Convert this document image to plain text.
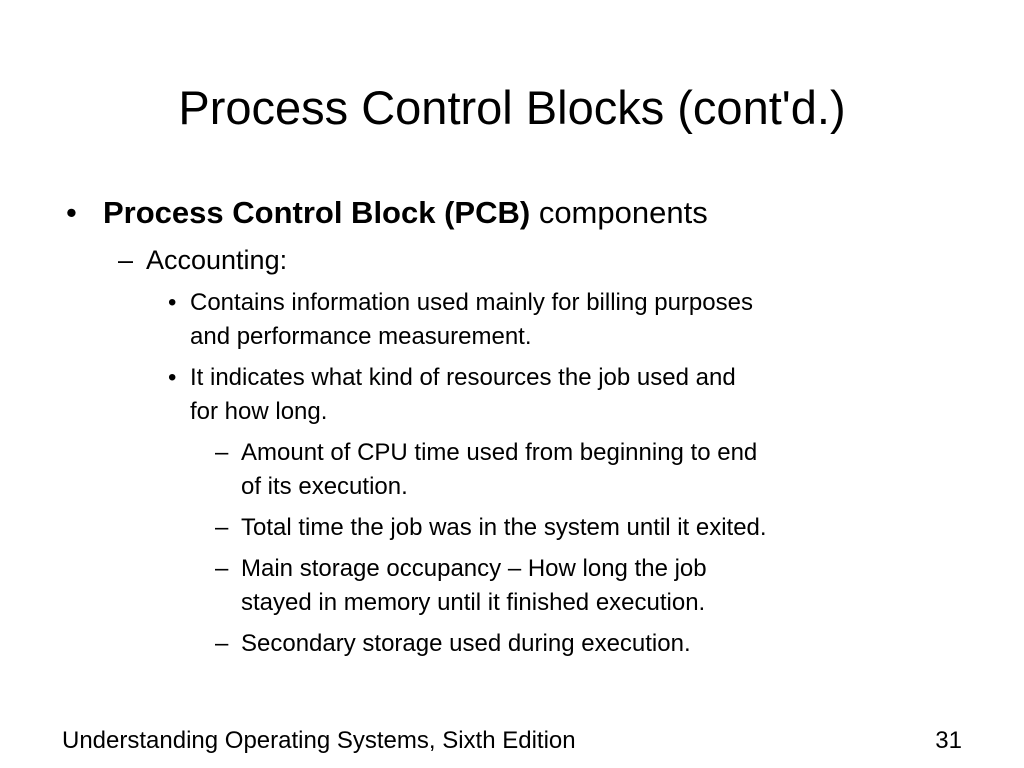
Process Control Blocks (cont'd.)
• Process Control Block (PCB) components
– Accounting:
• Contains information used mainly for billing purposes
and performance measurement.
• It indicates what kind of resources the job used and
for how long.
– Amount of CPU time used from beginning to end
of its execution.
– Total time the job was in the system until it exited.
– Main storage occupancy – How long the job
stayed in memory until it finished execution.
– Secondary storage used during execution.
Understanding Operating Systems, Sixth Edition	31
